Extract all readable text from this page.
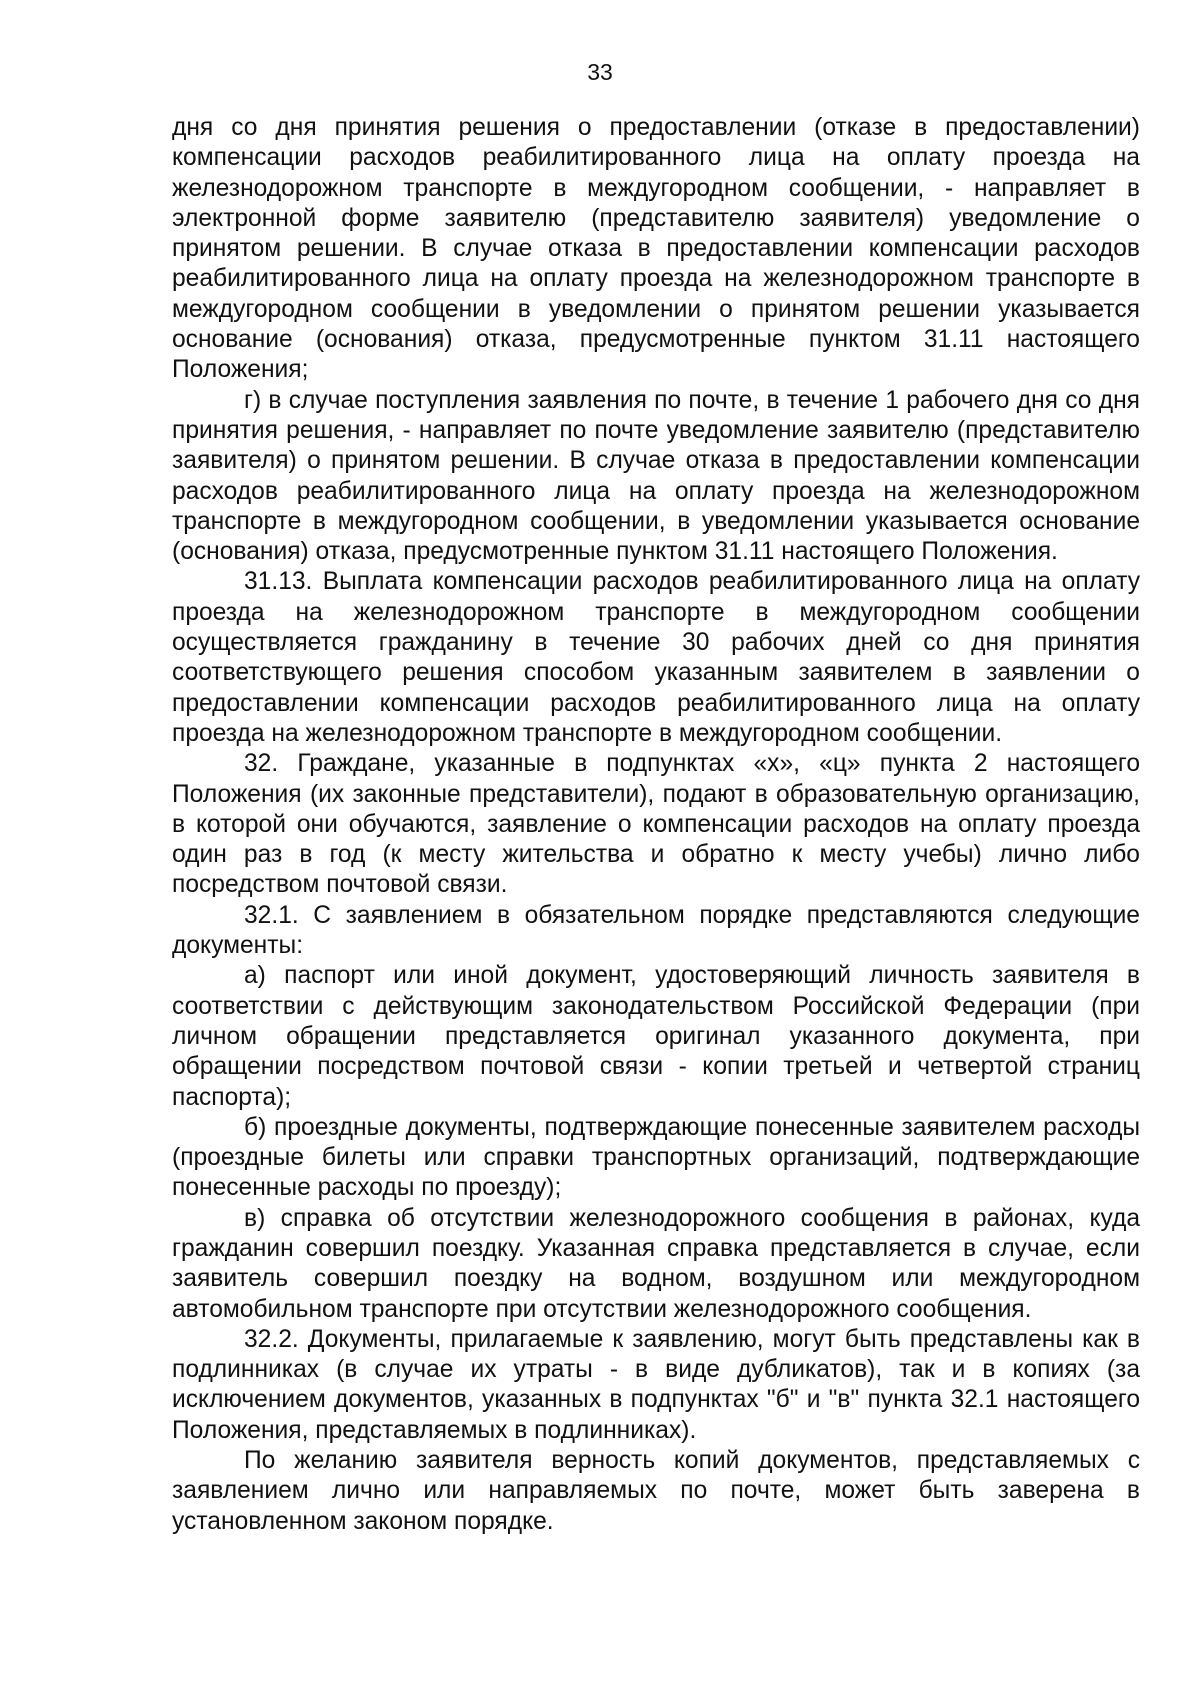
33

дня со дня принятия решения о предоставлении (отказе в предоставлении) компенсации расходов реабилитированного лица на оплату проезда на железнодорожном транспорте в междугородном сообщении, - направляет в электронной форме заявителю (представителю заявителя) уведомление о принятом решении. В случае отказа в предоставлении компенсации расходов реабилитированного лица на оплату проезда на железнодорожном транспорте в междугородном сообщении в уведомлении о принятом решении указывается основание (основания) отказа, предусмотренные пунктом 31.11 настоящего Положения;

г) в случае поступления заявления по почте, в течение 1 рабочего дня со дня принятия решения, - направляет по почте уведомление заявителю (представителю заявителя) о принятом решении. В случае отказа в предоставлении компенсации расходов реабилитированного лица на оплату проезда на железнодорожном транспорте в междугородном сообщении, в уведомлении указывается основание (основания) отказа, предусмотренные пунктом 31.11 настоящего Положения.

31.13. Выплата компенсации расходов реабилитированного лица на оплату проезда на железнодорожном транспорте в междугородном сообщении осуществляется гражданину в течение 30 рабочих дней со дня принятия соответствующего решения способом указанным заявителем в заявлении о предоставлении компенсации расходов реабилитированного лица на оплату проезда на железнодорожном транспорте в междугородном сообщении.

32. Граждане, указанные в подпунктах «х», «ц» пункта 2 настоящего Положения (их законные представители), подают в образовательную организацию, в которой они обучаются, заявление о компенсации расходов на оплату проезда один раз в год (к месту жительства и обратно к месту учебы) лично либо посредством почтовой связи.

32.1. С заявлением в обязательном порядке представляются следующие документы:

а) паспорт или иной документ, удостоверяющий личность заявителя в соответствии с действующим законодательством Российской Федерации (при личном обращении представляется оригинал указанного документа, при обращении посредством почтовой связи - копии третьей и четвертой страниц паспорта);

б) проездные документы, подтверждающие понесенные заявителем расходы (проездные билеты или справки транспортных организаций, подтверждающие понесенные расходы по проезду);

в) справка об отсутствии железнодорожного сообщения в районах, куда гражданин совершил поездку. Указанная справка представляется в случае, если заявитель совершил поездку на водном, воздушном или междугородном автомобильном транспорте при отсутствии железнодорожного сообщения.

32.2. Документы, прилагаемые к заявлению, могут быть представлены как в подлинниках (в случае их утраты - в виде дубликатов), так и в копиях (за исключением документов, указанных в подпунктах "б" и "в" пункта 32.1 настоящего Положения, представляемых в подлинниках).

По желанию заявителя верность копий документов, представляемых с заявлением лично или направляемых по почте, может быть заверена в установленном законом порядке.
